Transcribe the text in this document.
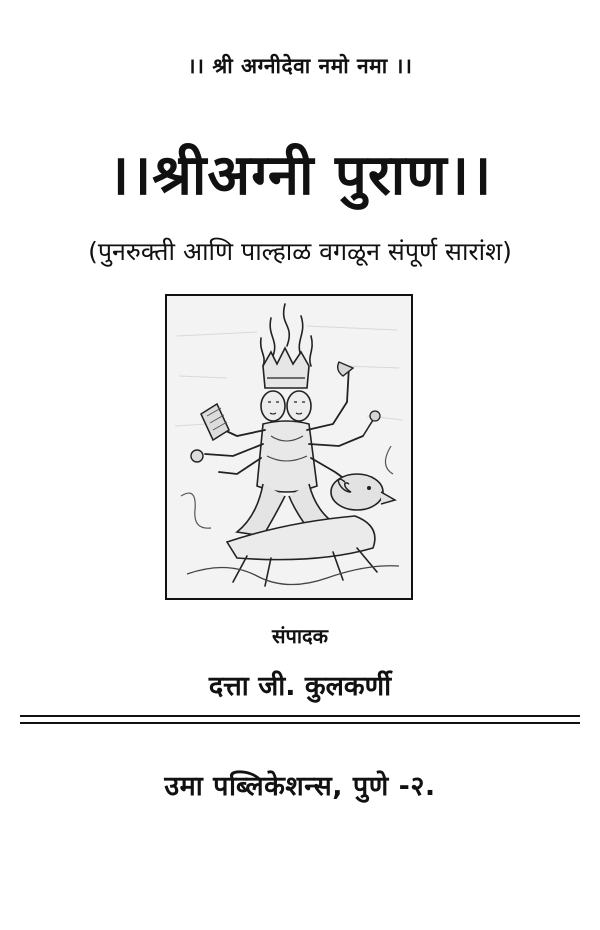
।। श्री अग्नीदेवा नमो नमा ।।
।।श्रीअग्नी पुराण।।
(पुनरुक्ती आणि पाल्हाळ वगळून संपूर्ण सारांश)
संपादक
दत्ता जी. कुलकर्णी
उमा पब्लिकेशन्स, पुणे -२.
